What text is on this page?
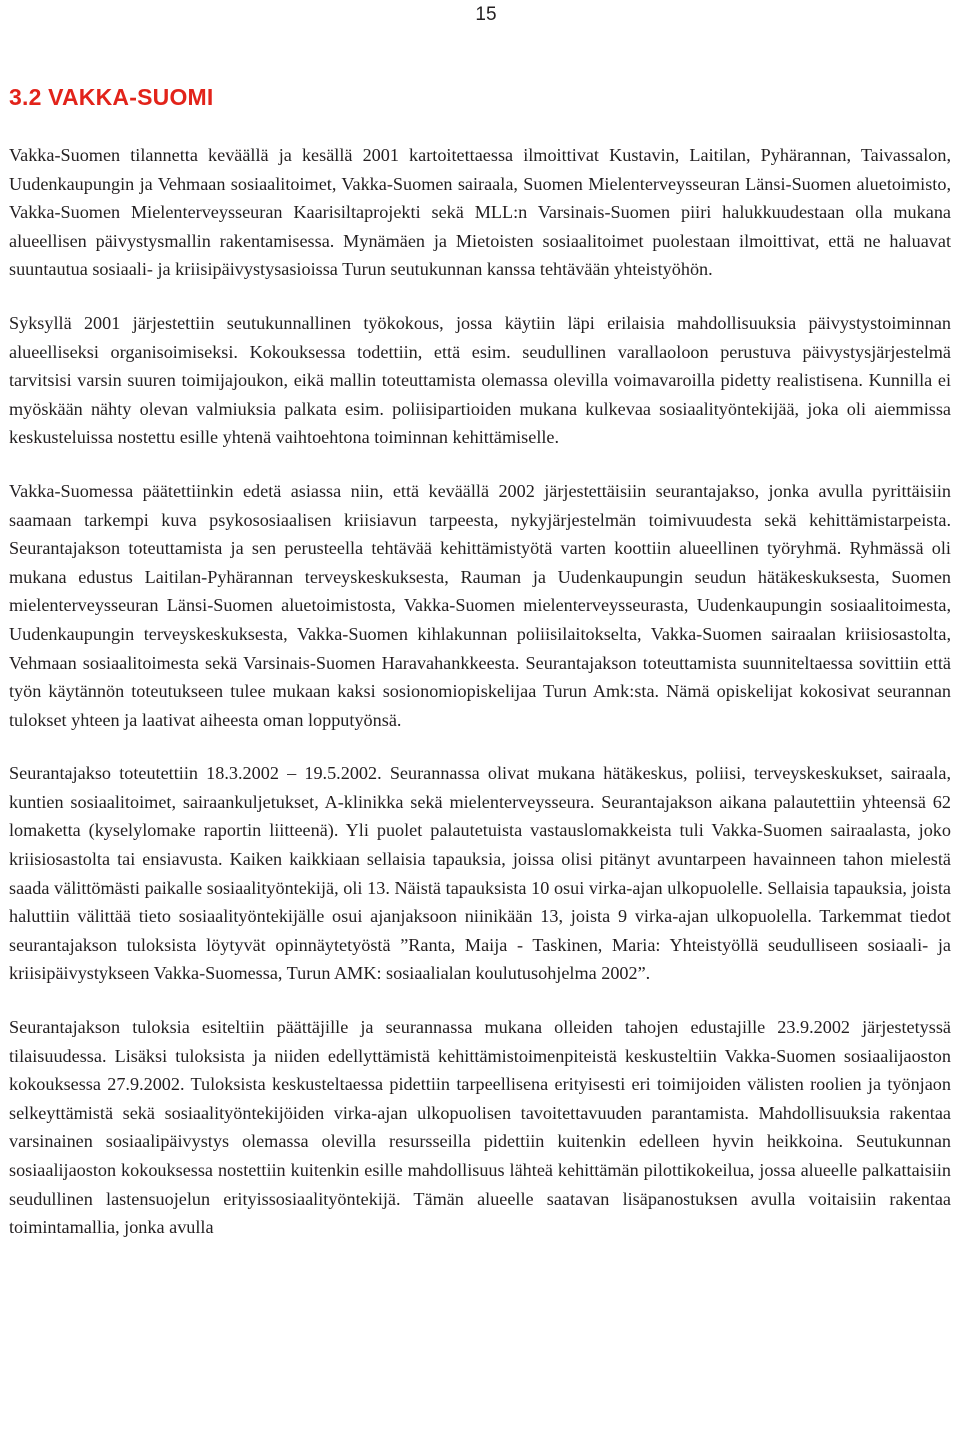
15
3.2 VAKKA-SUOMI

Vakka-Suomen tilannetta keväällä ja kesällä 2001 kartoitettaessa ilmoittivat Kustavin, Laitilan, Pyhärannan, Taivassalon, Uudenkaupungin ja Vehmaan sosiaalitoimet, Vakka-Suomen sairaala, Suomen Mielenterveysseuran Länsi-Suomen aluetoimisto, Vakka-Suomen Mielenterveysseuran Kaarisiltaprojekti sekä MLL:n Varsinais-Suomen piiri halukkuudestaan olla mukana alueellisen päivystysmallin rakentamisessa. Mynämäen ja Mietoisten sosiaalitoimet puolestaan ilmoittivat, että ne haluavat suuntautua sosiaali- ja kriisipäivystysasioissa Turun seutukunnan kanssa tehtävään yhteistyöhön.

Syksyllä 2001 järjestettiin seutukunnallinen työkokous, jossa käytiin läpi erilaisia mahdollisuuksia päivystystoiminnan alueelliseksi organisoimiseksi. Kokouksessa todettiin, että esim. seudullinen varallaoloon perustuva päivystysjärjestelmä tarvitsisi varsin suuren toimijajoukon, eikä mallin toteuttamista olemassa olevilla voimavaroilla pidetty realistisena. Kunnilla ei myöskään nähty olevan valmiuksia palkata esim. poliisipartioiden mukana kulkevaa sosiaalityöntekijää, joka oli aiemmissa keskusteluissa nostettu esille yhtenä vaihtoehtona toiminnan kehittämiselle.

Vakka-Suomessa päätettiinkin edetä asiassa niin, että keväällä 2002 järjestettäisiin seurantajakso, jonka avulla pyrittäisiin saamaan tarkempi kuva psykososiaalisen kriisiavun tarpeesta, nykyjärjestelmän toimivuudesta sekä kehittämistarpeista. Seurantajakson toteuttamista ja sen perusteella tehtävää kehittämistyötä varten koottiin alueellinen työryhmä. Ryhmässä oli mukana edustus Laitilan-Pyhärannan terveyskeskuksesta, Rauman ja Uudenkaupungin seudun hätäkeskuksesta, Suomen mielenterveysseuran Länsi-Suomen aluetoimistosta, Vakka-Suomen mielenterveysseurasta, Uudenkaupungin sosiaalitoimesta, Uudenkaupungin terveyskeskuksesta, Vakka-Suomen kihlakunnan poliisilaitokselta, Vakka-Suomen sairaalan kriisiosastolta, Vehmaan sosiaalitoimesta sekä Varsinais-Suomen Haravahankkeesta. Seurantajakson toteuttamista suunniteltaessa sovittiin että työn käytännön toteutukseen tulee mukaan kaksi sosionomiopiskelijaa Turun Amk:sta. Nämä opiskelijat kokosivat seurannan tulokset yhteen ja laativat aiheesta oman lopputyönsä.

Seurantajakso toteutettiin 18.3.2002 – 19.5.2002. Seurannassa olivat mukana hätäkeskus, poliisi, terveyskeskukset, sairaala, kuntien sosiaalitoimet, sairaankuljetukset, A-klinikka sekä mielenterveysseura. Seurantajakson aikana palautettiin yhteensä 62 lomaketta (kyselylomake raportin liitteenä). Yli puolet palautetuista vastauslomakkeista tuli Vakka-Suomen sairaalasta, joko kriisiosastolta tai ensiavusta. Kaiken kaikkiaan sellaisia tapauksia, joissa olisi pitänyt avuntarpeen havainneen tahon mielestä saada välittömästi paikalle sosiaalityöntekijä, oli 13. Näistä tapauksista 10 osui virka-ajan ulkopuolelle. Sellaisia tapauksia, joista haluttiin välittää tieto sosiaalityöntekijälle osui ajanjaksoon niinikään 13, joista 9 virka-ajan ulkopuolella. Tarkemmat tiedot seurantajakson tuloksista löytyvät opinnäytetyöstä ”Ranta, Maija - Taskinen, Maria: Yhteistyöllä seudulliseen sosiaali- ja kriisipäivystykseen Vakka-Suomessa, Turun AMK: sosiaalialan koulutusohjelma 2002”.

Seurantajakson tuloksia esiteltiin päättäjille ja seurannassa mukana olleiden tahojen edustajille 23.9.2002 järjestetyssä tilaisuudessa. Lisäksi tuloksista ja niiden edellyttämistä kehittämistoimenpiteistä keskusteltiin Vakka-Suomen sosiaalijaoston kokouksessa 27.9.2002. Tuloksista keskusteltaessa pidettiin tarpeellisena erityisesti eri toimijoiden välisten roolien ja työnjaon selkeyttämistä sekä sosiaalityöntekijöiden virka-ajan ulkopuolisen tavoitettavuuden parantamista. Mahdollisuuksia rakentaa varsinainen sosiaalipäivystys olemassa olevilla resursseilla pidettiin kuitenkin edelleen hyvin heikkoina. Seutukunnan sosiaalijaoston kokouksessa nostettiin kuitenkin esille mahdollisuus lähteä kehittämän pilottikokeilua, jossa alueelle palkattaisiin seudullinen lastensuojelun erityissosiaalityöntekijä. Tämän alueelle saatavan lisäpanostuksen avulla voitaisiin rakentaa toimintamallia, jonka avulla
